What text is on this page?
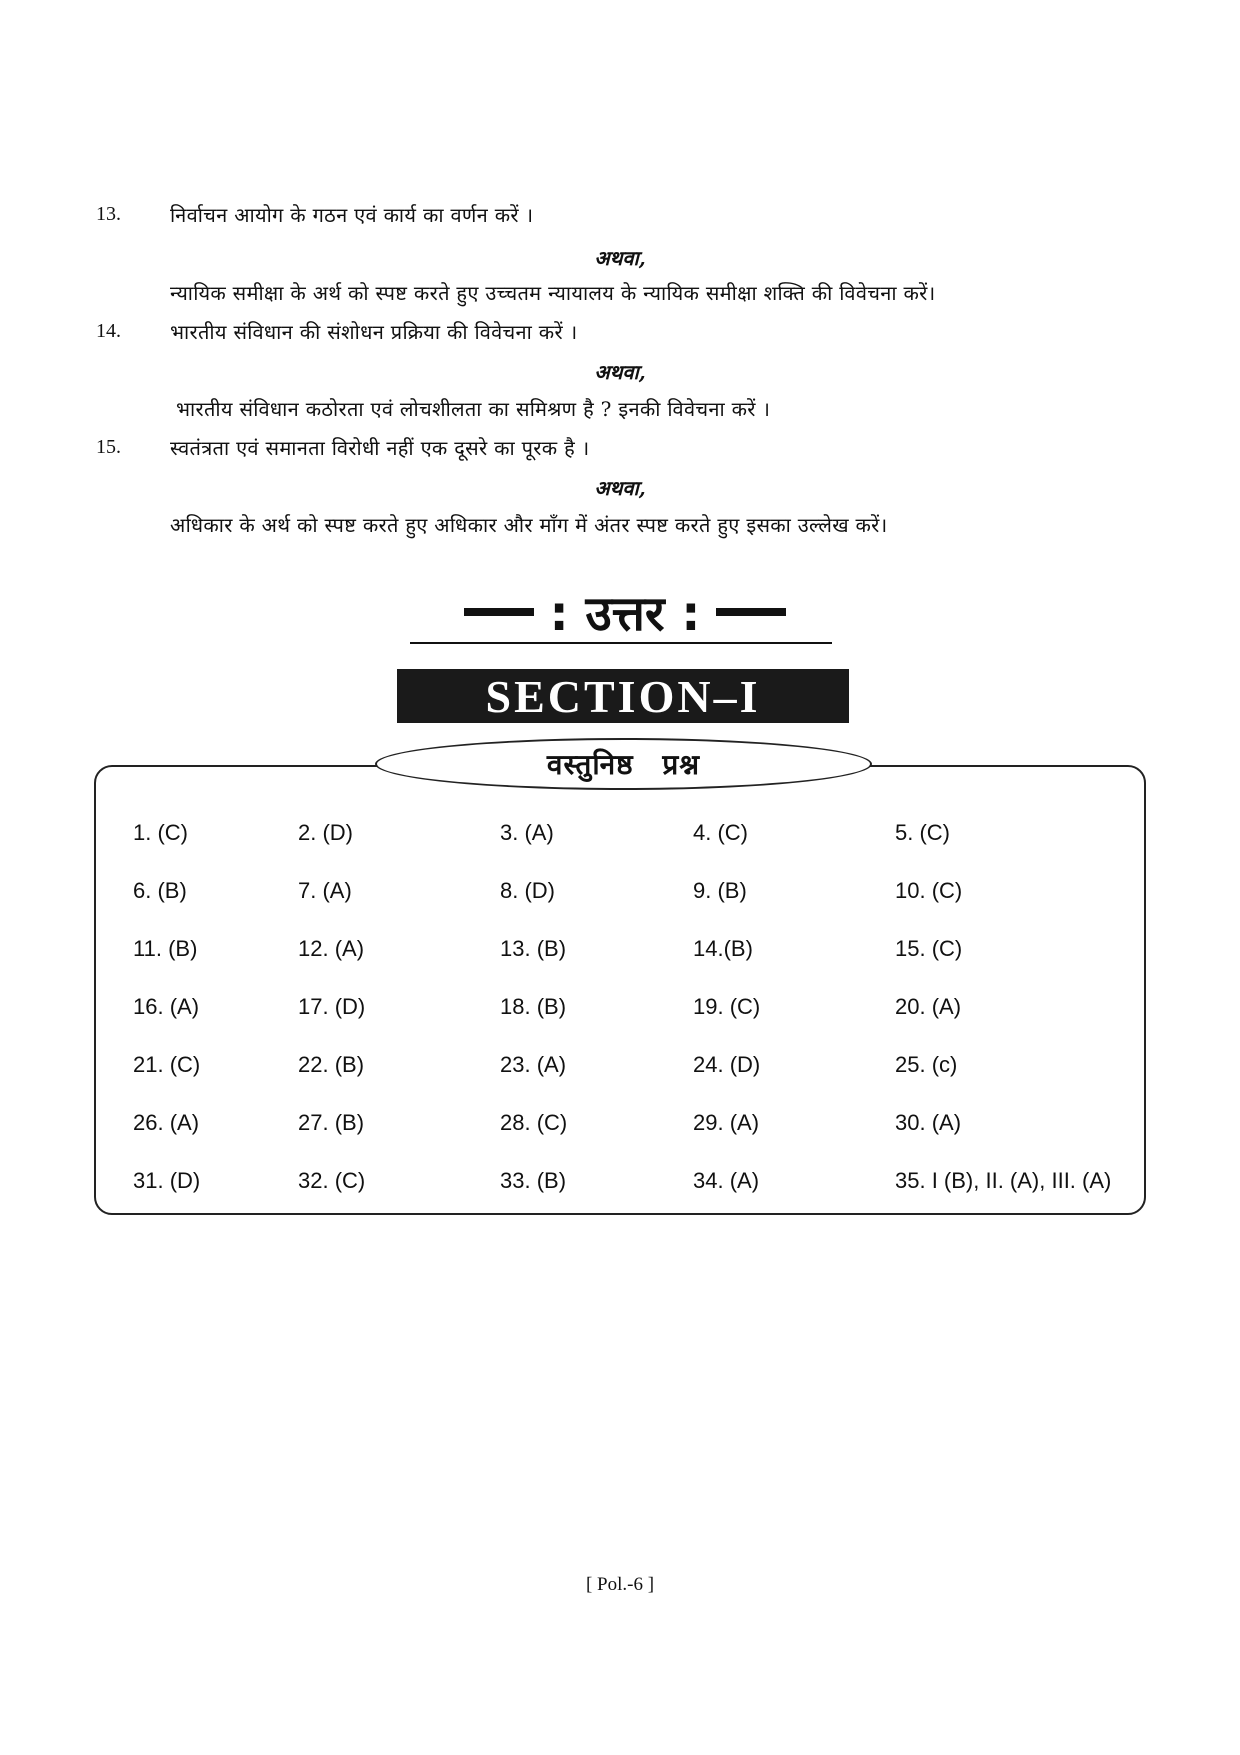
13. निर्वाचन आयोग के गठन एवं कार्य का वर्णन करें ।
अथवा,
न्यायिक समीक्षा के अर्थ को स्पष्ट करते हुए उच्चतम न्यायालय के न्यायिक समीक्षा शक्ति की विवेचना करें।
14. भारतीय संविधान की संशोधन प्रक्रिया की विवेचना करें ।
अथवा,
भारतीय संविधान कठोरता एवं लोचशीलता का समिश्रण है ? इनकी विवेचना करें ।
15. स्वतंत्रता एवं समानता विरोधी नहीं एक दूसरे का पूरक है ।
अथवा,
अधिकार के अर्थ को स्पष्ट करते हुए अधिकार और माँग में अंतर स्पष्ट करते हुए इसका उल्लेख करें।
: उत्तर :
SECTION–I
वस्तुनिष्ठ प्रश्न
1. (C)	2. (D)	3. (A)	4. (C)	5. (C)
6. (B)	7. (A)	8. (D)	9. (B)	10. (C)
11. (B)	12. (A)	13. (B)	14.(B)	15. (C)
16. (A)	17. (D)	18. (B)	19. (C)	20. (A)
21. (C)	22. (B)	23. (A)	24. (D)	25. (c)
26. (A)	27. (B)	28. (C)	29. (A)	30. (A)
31. (D)	32. (C)	33. (B)	34. (A)	35. I (B), II. (A), III. (A)
[ Pol.-6 ]
